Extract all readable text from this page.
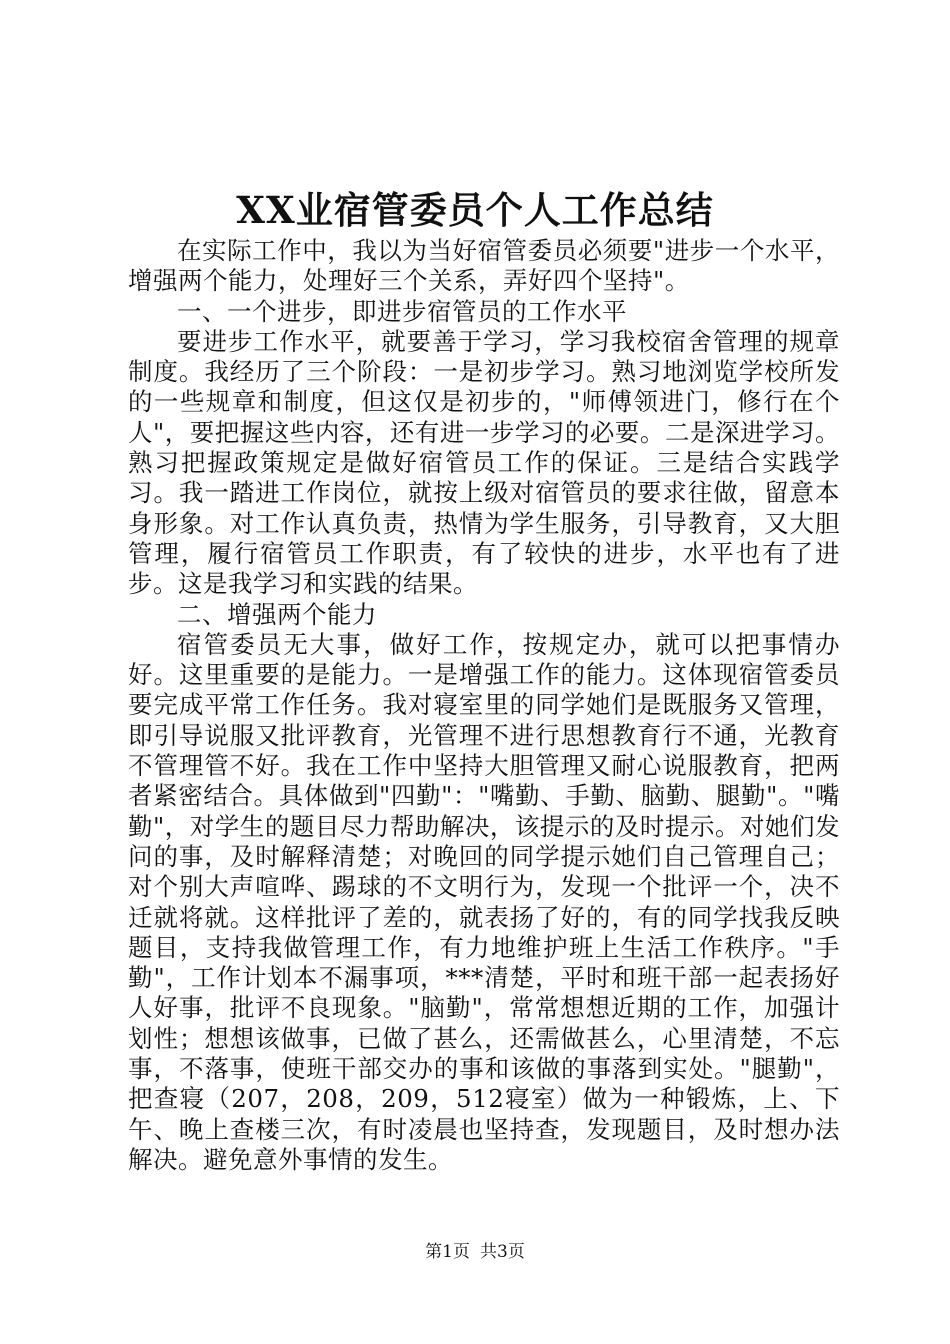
XX业宿管委员个人工作总结

在实际工作中，我以为当好宿管委员必须要"进步一个水平，增强两个能力，处理好三个关系，弄好四个坚持"。

一、一个进步，即进步宿管员的工作水平

要进步工作水平，就要善于学习，学习我校宿舍管理的规章制度。我经历了三个阶段：一是初步学习。熟习地浏览学校所发的一些规章和制度，但这仅是初步的，"师傅领进门，修行在个人"，要把握这些内容，还有进一步学习的必要。二是深进学习。熟习把握政策规定是做好宿管员工作的保证。三是结合实践学习。我一踏进工作岗位，就按上级对宿管员的要求往做，留意本身形象。对工作认真负责，热情为学生服务，引导教育，又大胆管理，履行宿管员工作职责，有了较快的进步，水平也有了进步。这是我学习和实践的结果。

二、增强两个能力

宿管委员无大事，做好工作，按规定办，就可以把事情办好。这里重要的是能力。一是增强工作的能力。这体现宿管委员要完成平常工作任务。我对寝室里的同学她们是既服务又管理，即引导说服又批评教育，光管理不进行思想教育行不通，光教育不管理管不好。我在工作中坚持大胆管理又耐心说服教育，把两者紧密结合。具体做到"四勤"："嘴勤、手勤、脑勤、腿勤"。"嘴勤"，对学生的题目尽力帮助解决，该提示的及时提示。对她们发问的事，及时解释清楚；对晚回的同学提示她们自己管理自己；对个别大声喧哗、踢球的不文明行为，发现一个批评一个，决不迁就将就。这样批评了差的，就表扬了好的，有的同学找我反映题目，支持我做管理工作，有力地维护班上生活工作秩序。"手勤"，工作计划本不漏事项，***清楚，平时和班干部一起表扬好人好事，批评不良现象。"脑勤"，常常想想近期的工作，加强计划性；想想该做事，已做了甚么，还需做甚么，心里清楚，不忘事，不落事，使班干部交办的事和该做的事落到实处。"腿勤"，把查寝（207，208，209，512寝室）做为一种锻炼，上、下午、晚上查楼三次，有时凌晨也坚持查，发现题目，及时想办法解决。避免意外事情的发生。

第1页 共3页
